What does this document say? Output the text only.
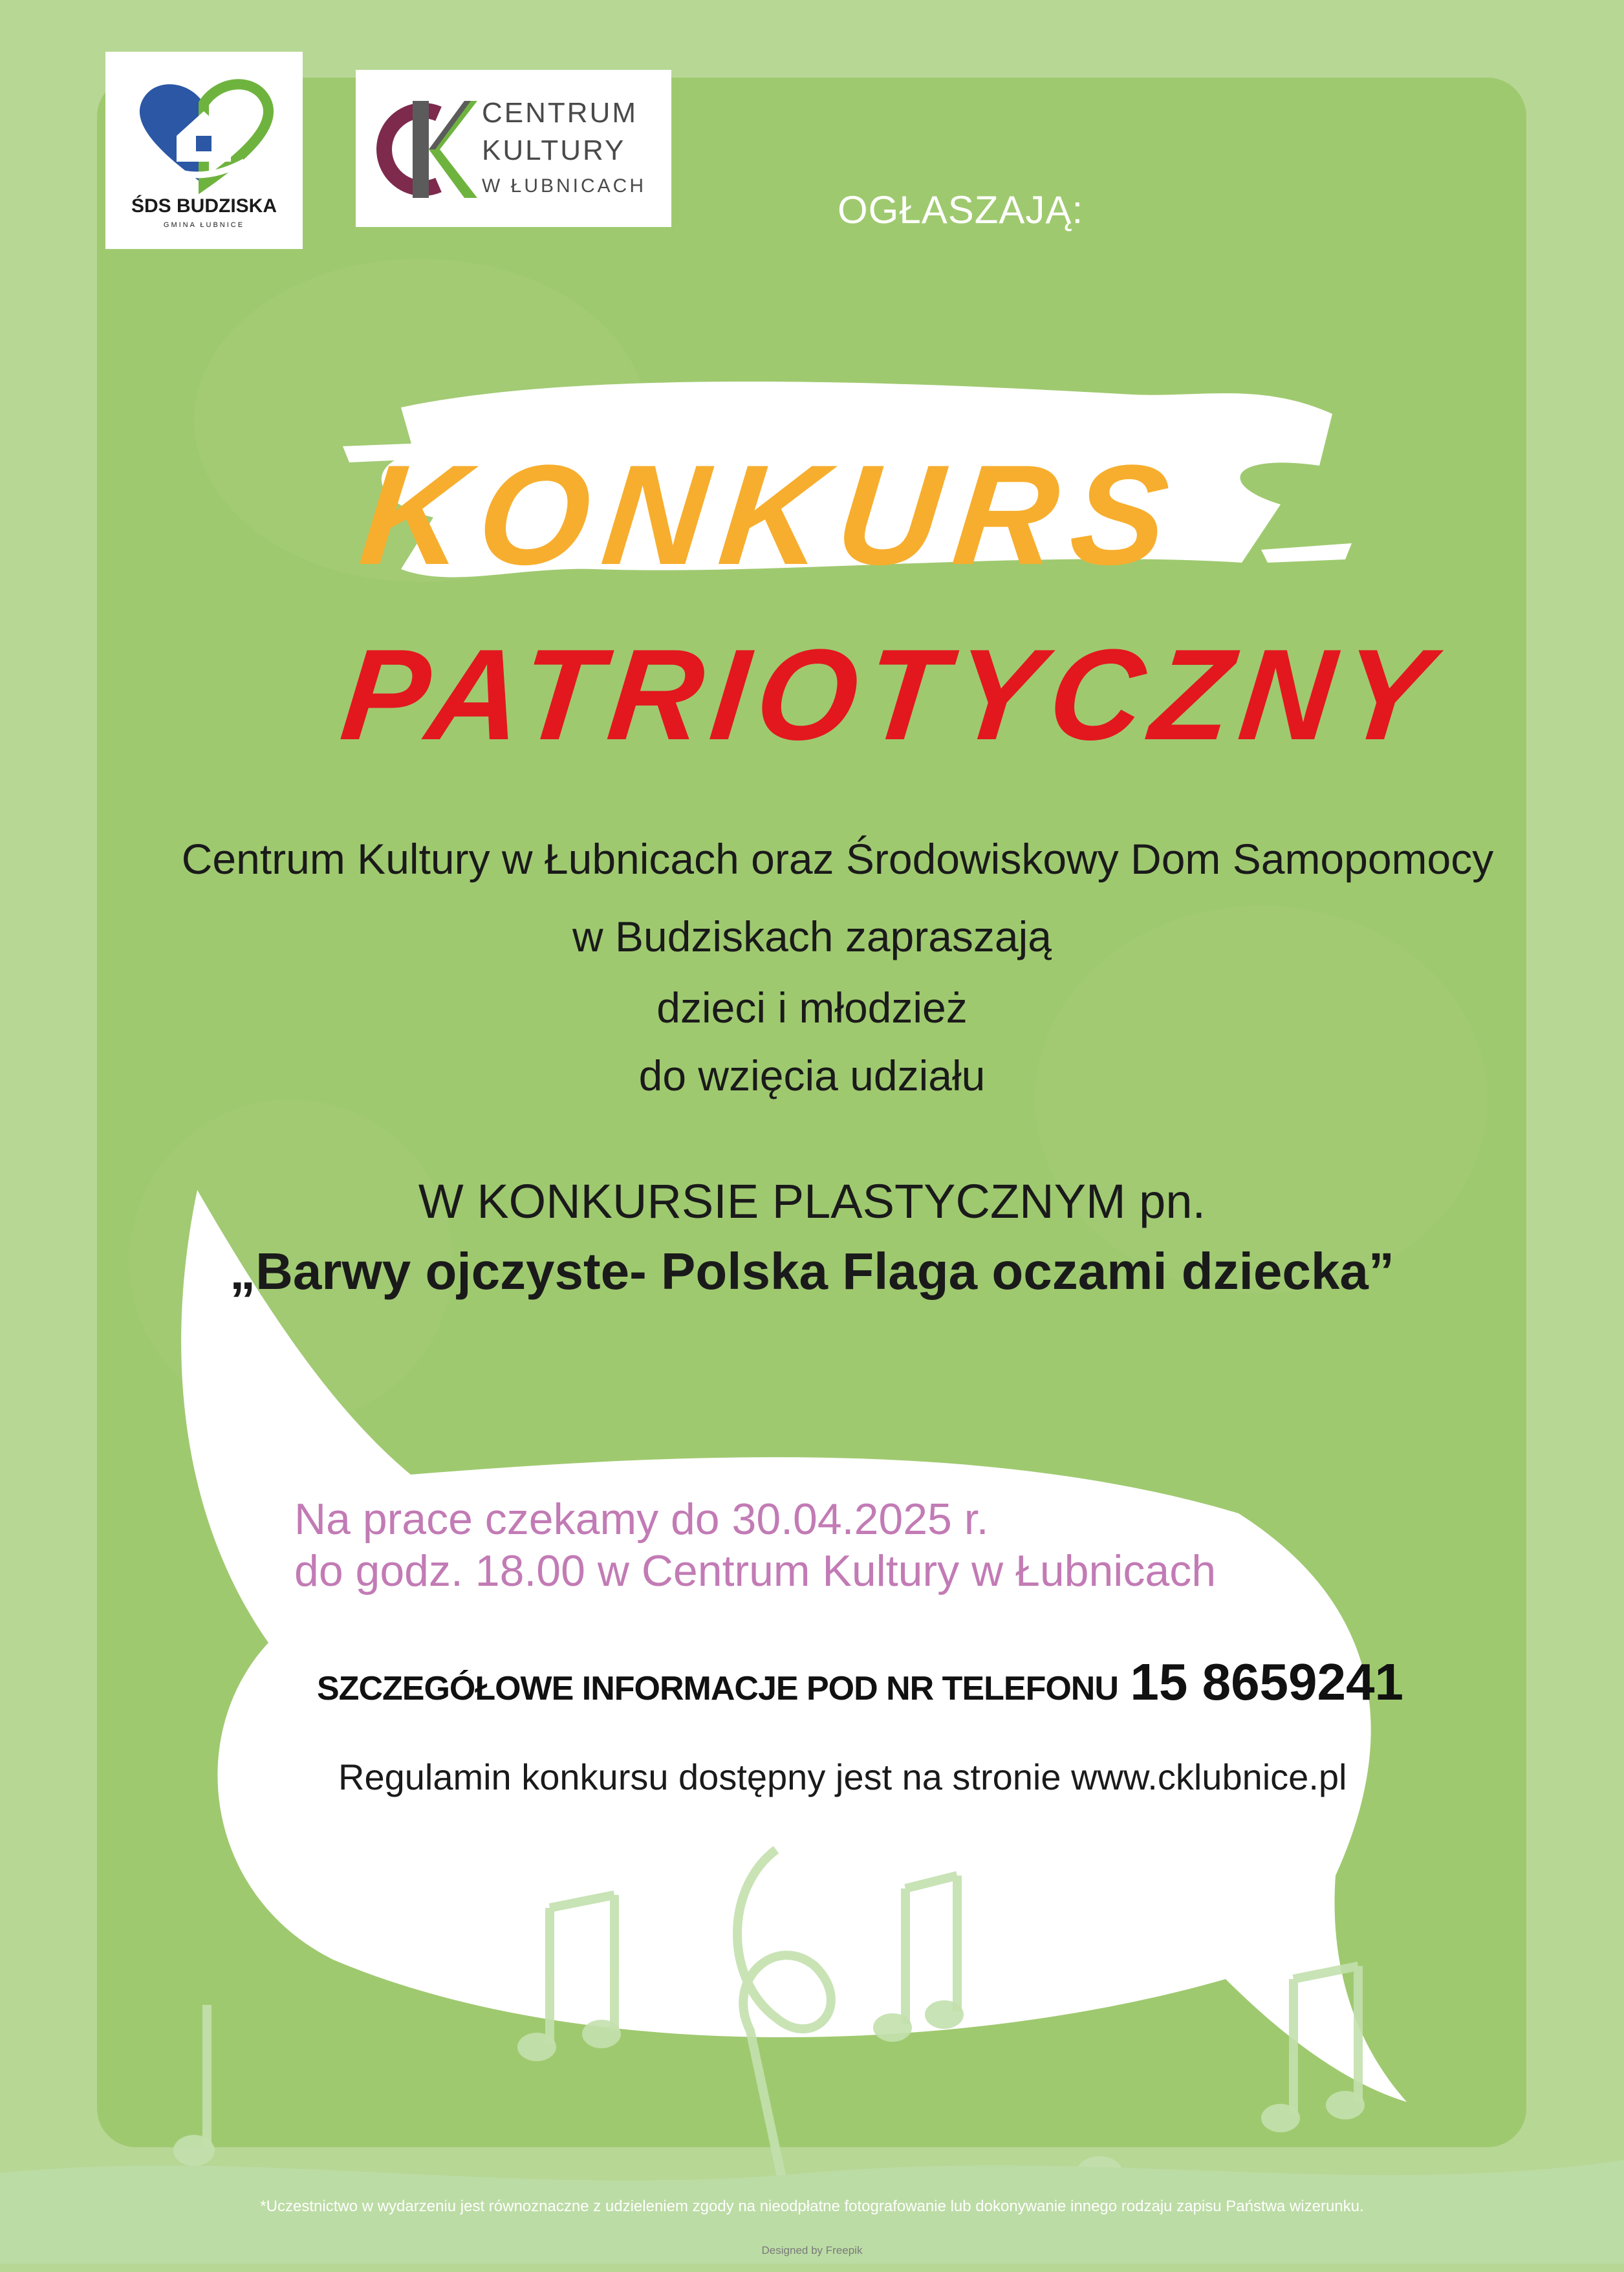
ŚDS BUDZISKA
GMINA ŁUBNICE
CENTRUM
KULTURY
W ŁUBNICACH
OGŁASZAJĄ:
KONKURS
PATRIOTYCZNY
Centrum Kultury w Łubnicach oraz Środowiskowy Dom Samopomocy
w Budziskach zapraszają
dzieci i młodzież
do wzięcia udziału
W KONKURSIE PLASTYCZNYM pn.
„Barwy ojczyste- Polska Flaga oczami dziecka”
Na prace czekamy do 30.04.2025 r.
do godz. 18.00 w Centrum Kultury w Łubnicach
SZCZEGÓŁOWE INFORMACJE POD NR TELEFONU 15 8659241
Regulamin konkursu dostępny jest na stronie www.cklubnice.pl
*Uczestnictwo w wydarzeniu jest równoznaczne z udzieleniem zgody na nieodpłatne fotografowanie lub dokonywanie innego rodzaju zapisu Państwa wizerunku.
Designed by Freepik
